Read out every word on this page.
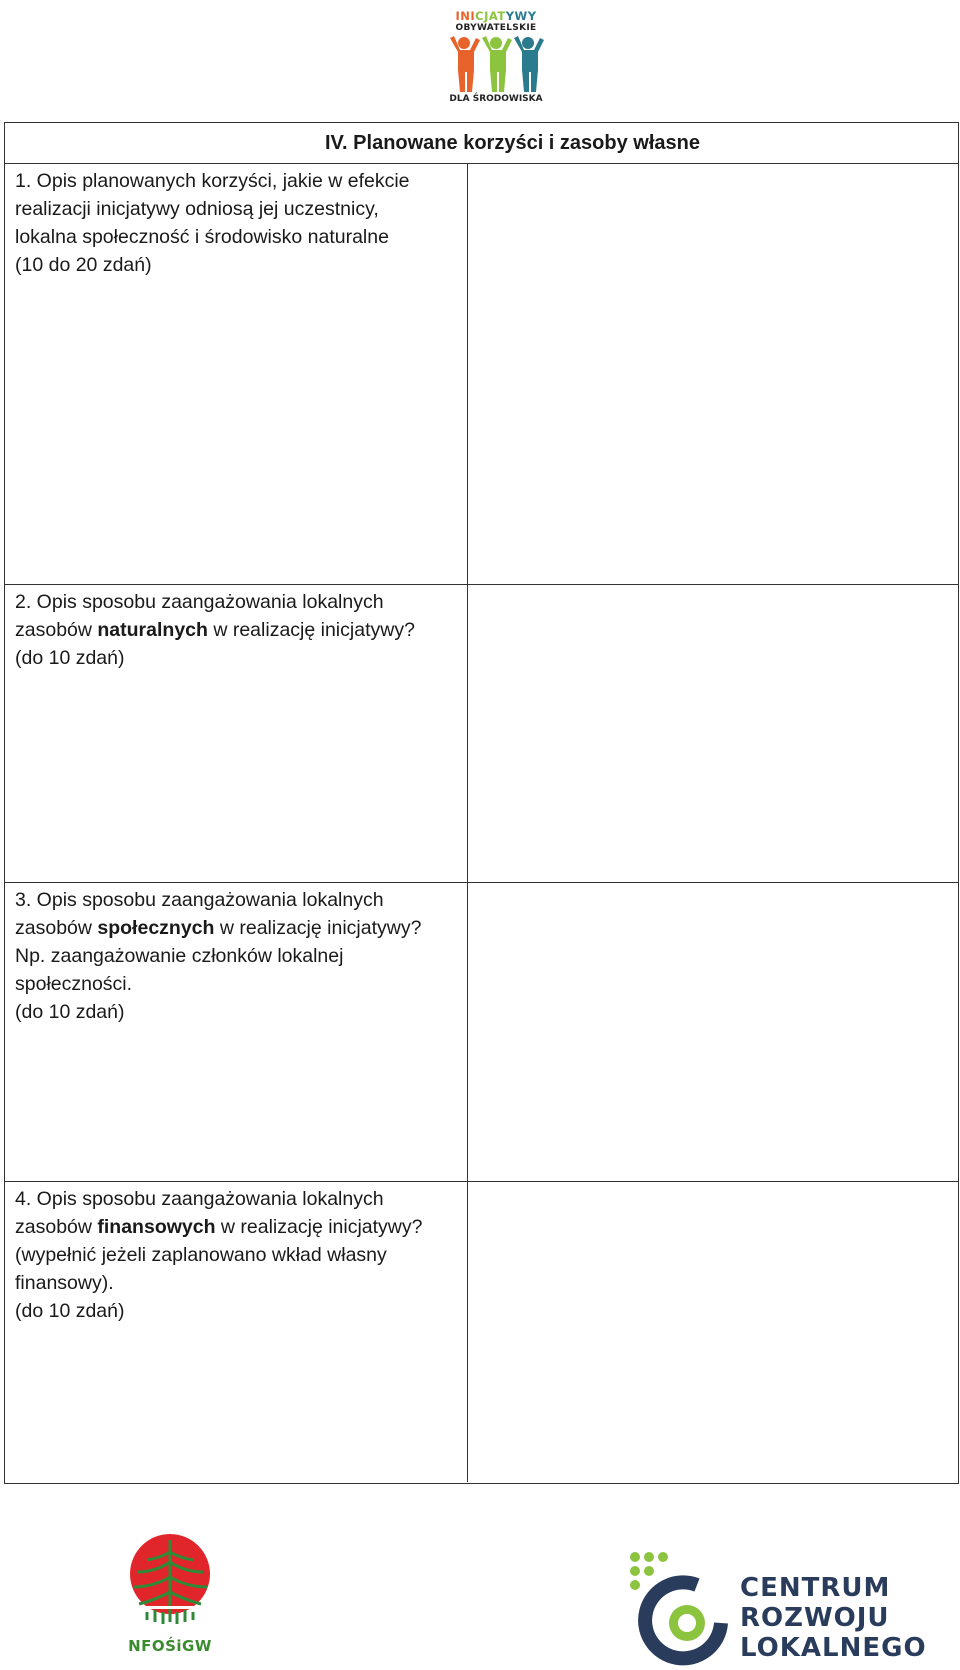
INICJATYWY
OBYWATELSKIE
DLA ŚRODOWISKA
IV. Planowane korzyści i zasoby własne
1. Opis planowanych korzyści, jakie w efekcie
realizacji inicjatywy odniosą jej uczestnicy,
lokalna społeczność i środowisko naturalne
(10 do 20 zdań)
2. Opis sposobu zaangażowania lokalnych
zasobów naturalnych w realizację inicjatywy?
(do 10 zdań)
3. Opis sposobu zaangażowania lokalnych
zasobów społecznych w realizację inicjatywy?
Np. zaangażowanie członków lokalnej
społeczności.
(do 10 zdań)
4. Opis sposobu zaangażowania lokalnych
zasobów finansowych w realizację inicjatywy?
(wypełnić jeżeli zaplanowano wkład własny
finansowy).
(do 10 zdań)
NFOŚiGW
CENTRUM
ROZWOJU
LOKALNEGO
